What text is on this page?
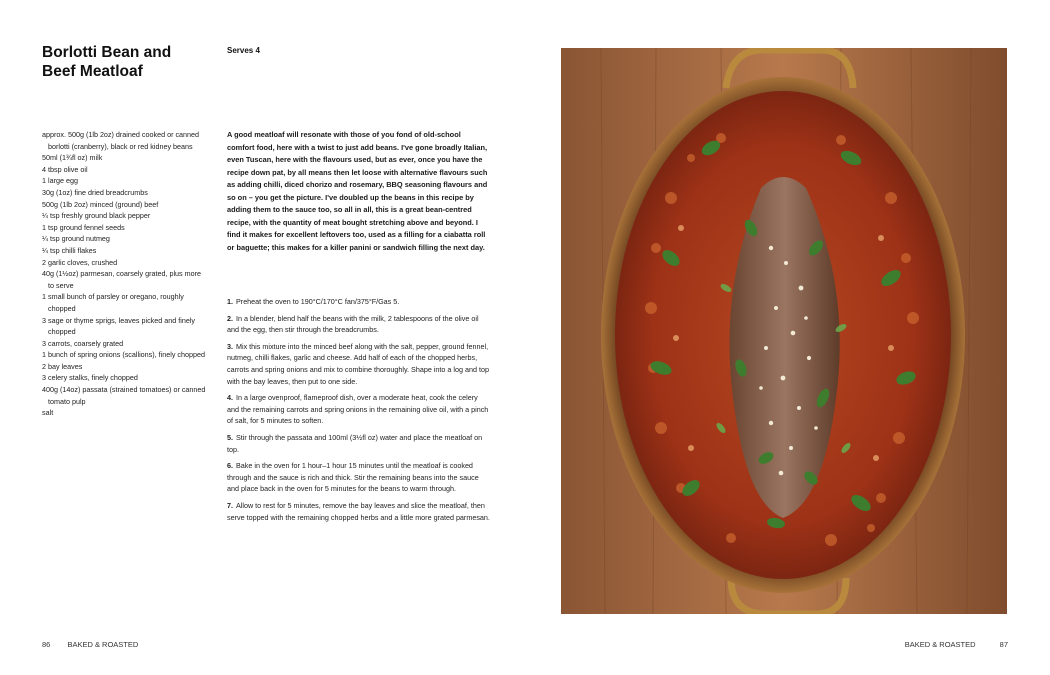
Borlotti Bean and Beef Meatloaf

Serves 4

approx. 500g (1lb 2oz) drained cooked or canned borlotti (cranberry), black or red kidney beans
50ml (1¾fl oz) milk
4 tbsp olive oil
1 large egg
30g (1oz) fine dried breadcrumbs
500g (1lb 2oz) minced (ground) beef
¼ tsp freshly ground black pepper
1 tsp ground fennel seeds
¼ tsp ground nutmeg
¼ tsp chilli flakes
2 garlic cloves, crushed
40g (1½oz) parmesan, coarsely grated, plus more to serve
1 small bunch of parsley or oregano, roughly chopped
3 sage or thyme sprigs, leaves picked and finely chopped
3 carrots, coarsely grated
1 bunch of spring onions (scallions), finely chopped
2 bay leaves
3 celery stalks, finely chopped
400g (14oz) passata (strained tomatoes) or canned tomato pulp
salt

A good meatloaf will resonate with those of you fond of old-school comfort food, here with a twist to just add beans. I've gone broadly Italian, even Tuscan, here with the flavours used, but as ever, once you have the recipe down pat, by all means then let loose with alternative flavours such as adding chilli, diced chorizo and rosemary, BBQ seasoning flavours and so on – you get the picture. I've doubled up the beans in this recipe by adding them to the sauce too, so all in all, this is a great bean-centred recipe, with the quantity of meat bought stretching above and beyond. I find it makes for excellent leftovers too, used as a filling for a ciabatta roll or baguette; this makes for a killer panini or sandwich filling the next day.

1. Preheat the oven to 190°C/170°C fan/375°F/Gas 5.
2. In a blender, blend half the beans with the milk, 2 tablespoons of the olive oil and the egg, then stir through the breadcrumbs.
3. Mix this mixture into the minced beef along with the salt, pepper, ground fennel, nutmeg, chilli flakes, garlic and cheese. Add half of each of the chopped herbs, carrots and spring onions and mix to combine thoroughly. Shape into a log and top with the bay leaves, then put to one side.
4. In a large ovenproof, flameproof dish, over a moderate heat, cook the celery and the remaining carrots and spring onions in the remaining olive oil, with a pinch of salt, for 5 minutes to soften.
5. Stir through the passata and 100ml (3½fl oz) water and place the meatloaf on top.
6. Bake in the oven for 1 hour–1 hour 15 minutes until the meatloaf is cooked through and the sauce is rich and thick. Stir the remaining beans into the sauce and place back in the oven for 5 minutes for the beans to warm through.
7. Allow to rest for 5 minutes, remove the bay leaves and slice the meatloaf, then serve topped with the remaining chopped herbs and a little more grated parmesan.
86 BAKED & ROASTED	BAKED & ROASTED	87
